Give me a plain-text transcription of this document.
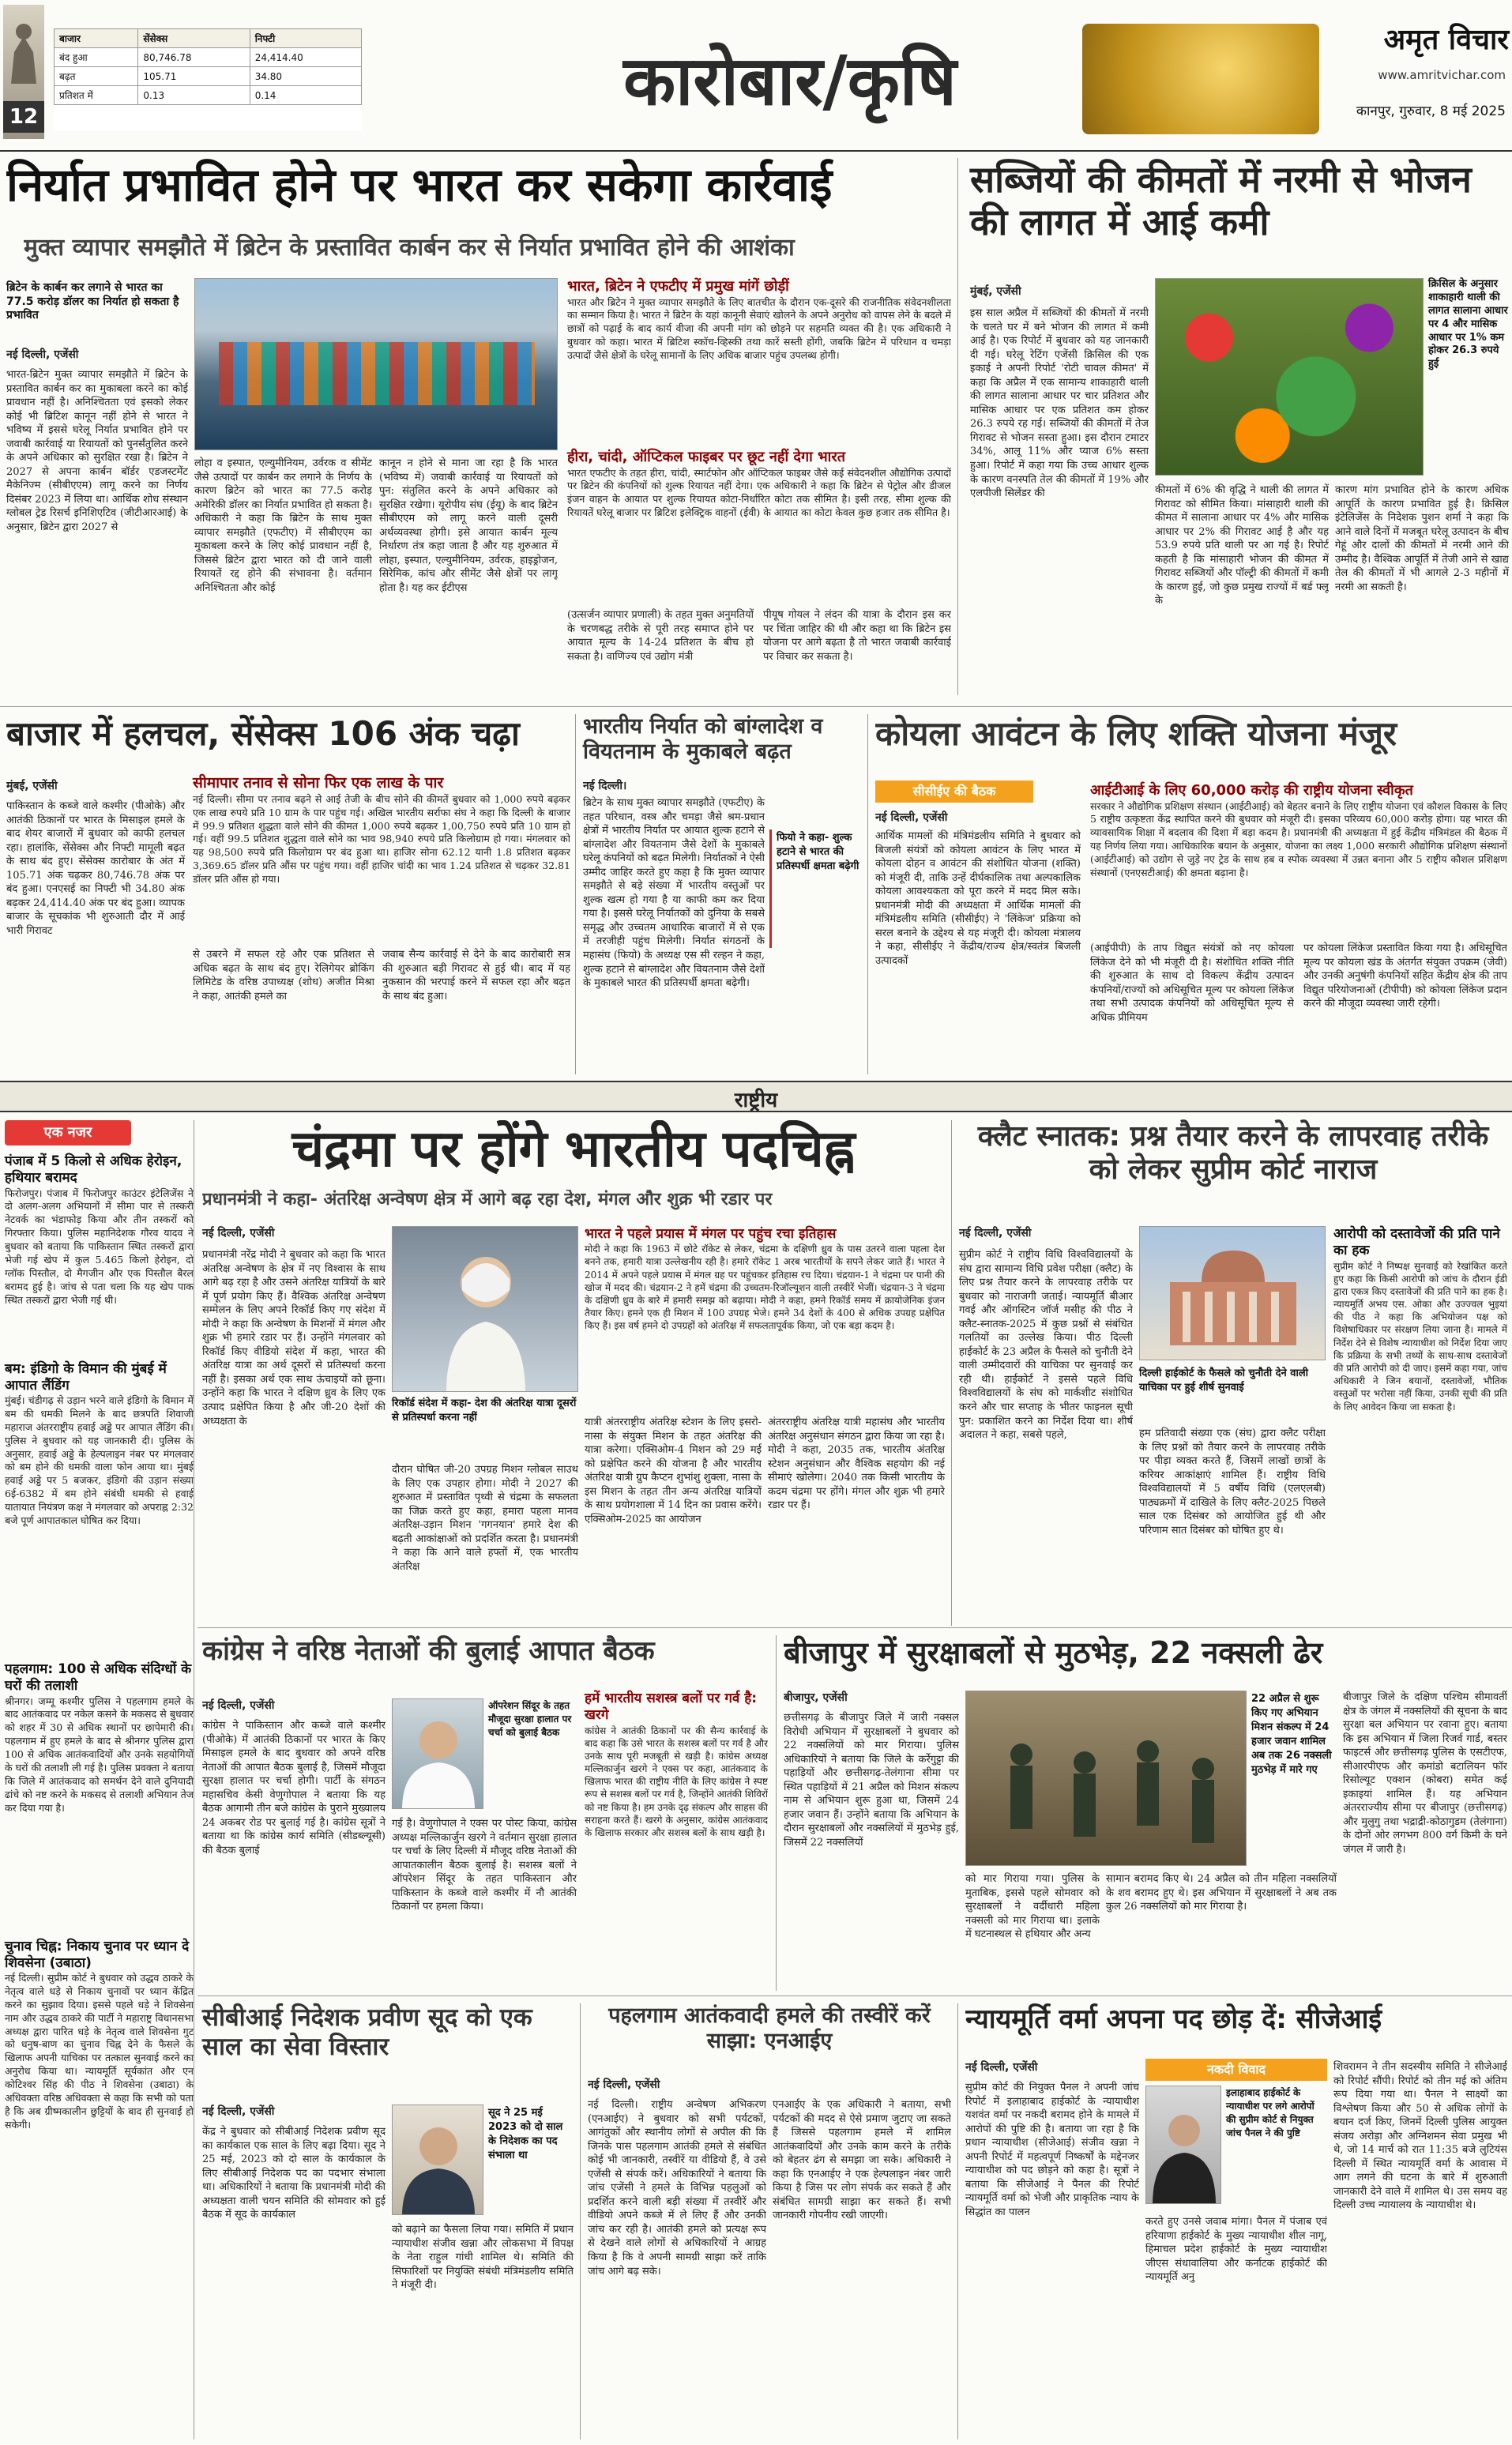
12
बाजार	सेंसेक्स	निफ्टी
बंद हुआ	80,746.78	24,414.40
बढ़त	105.71	34.80
प्रतिशत में	0.13	0.14	कारोबार/कृषि
अमृत विचार
www.amritvichar.com
कानपुर, गुरुवार, 8 मई 2025
निर्यात प्रभावित होने पर भारत कर सकेगा कार्रवाई
मुक्त व्यापार समझौते में ब्रिटेन के प्रस्तावित कार्बन कर से निर्यात प्रभावित होने की आशंका
ब्रिटेन के कार्बन कर लगाने से भारत का 77.5 करोड़ डॉलर का निर्यात हो सकता है प्रभावित
नई दिल्ली, एजेंसी
भारत-ब्रिटेन मुक्त व्यापार समझौते में ब्रिटेन के प्रस्तावित कार्बन कर का मुकाबला करने का कोई प्रावधान नहीं है। अनिश्चितता एवं इसको लेकर कोई भी ब्रिटिश कानून नहीं होने से भारत ने भविष्य में इससे घरेलू निर्यात प्रभावित होने पर जवाबी कार्रवाई या रियायतों को पुनर्संतुलित करने के अपने अधिकार को सुरक्षित रखा है। ब्रिटेन ने 2027 से अपना कार्बन बॉर्डर एडजस्टमेंट मैकेनिज्म (सीबीएएम) लागू करने का निर्णय दिसंबर 2023 में लिया था। आर्थिक शोध संस्थान ग्लोबल ट्रेड रिसर्च इनिशिएटिव (जीटीआरआई) के अनुसार, ब्रिटेन द्वारा 2027 से
लोहा व इस्पात, एल्युमीनियम, उर्वरक व सीमेंट जैसे उत्पादों पर कार्बन कर लगाने के निर्णय के कारण ब्रिटेन को भारत का 77.5 करोड़ अमेरिकी डॉलर का निर्यात प्रभावित हो सकता है। अधिकारी ने कहा कि ब्रिटेन के साथ मुक्त व्यापार समझौते (एफटीए) में सीबीएएम का मुकाबला करने के लिए कोई प्रावधान नहीं है, जिससे ब्रिटेन द्वारा भारत को दी जाने वाली रियायतें रद्द होने की संभावना है। वर्तमान अनिश्चितता और कोई
कानून न होने से माना जा रहा है कि भारत (भविष्य में) जवाबी कार्रवाई या रियायतों को पुन: संतुलित करने के अपने अधिकार को सुरक्षित रखेगा। यूरोपीय संघ (ईयू) के बाद ब्रिटेन सीबीएएम को लागू करने वाली दूसरी अर्थव्यवस्था होगी। इसे आयात कार्बन मूल्य निर्धारण तंत्र कहा जाता है और यह शुरुआत में लोहा, इस्पात, एल्युमीनियम, उर्वरक, हाइड्रोजन, सिरेमिक, कांच और सीमेंट जैसे क्षेत्रों पर लागू होता है। यह कर ईटीएस
भारत, ब्रिटेन ने एफटीए में प्रमुख मांगें छोड़ीं
भारत और ब्रिटेन ने मुक्त व्यापार समझौते के लिए बातचीत के दौरान एक-दूसरे की राजनीतिक संवेदनशीलता का सम्मान किया है। भारत ने ब्रिटेन के यहां कानूनी सेवाएं खोलने के अपने अनुरोध को वापस लेने के बदले में छात्रों को पढ़ाई के बाद कार्य वीजा की अपनी मांग को छोड़ने पर सहमति व्यक्त की है। एक अधिकारी ने बुधवार को कहा। भारत में ब्रिटिश स्कॉच-व्हिस्की तथा कारें सस्ती होंगी, जबकि ब्रिटेन में परिधान व चमड़ा उत्पादों जैसे क्षेत्रों के घरेलू सामानों के लिए अधिक बाजार पहुंच उपलब्ध होगी।
हीरा, चांदी, ऑप्टिकल फाइबर पर छूट नहीं देगा भारत
भारत एफटीए के तहत हीरा, चांदी, स्मार्टफोन और ऑप्टिकल फाइबर जैसे कई संवेदनशील औद्योगिक उत्पादों पर ब्रिटेन की कंपनियों को शुल्क रियायत नहीं देगा। एक अधिकारी ने कहा कि ब्रिटेन से पेट्रोल और डीजल इंजन वाहन के आयात पर शुल्क रियायत कोटा-निर्धारित कोटा तक सीमित है। इसी तरह, सीमा शुल्क की रियायतें घरेलू बाजार पर ब्रिटिश इलेक्ट्रिक वाहनों (ईवी) के आयात का कोटा केवल कुछ हजार तक सीमित है।
(उत्सर्जन व्यापार प्रणाली) के तहत मुक्त अनुमतियों के चरणबद्ध तरीके से पूरी तरह समाप्त होने पर आयात मूल्य के 14-24 प्रतिशत के बीच हो सकता है। वाणिज्य एवं उद्योग मंत्री
पीयूष गोयल ने लंदन की यात्रा के दौरान इस कर पर चिंता जाहिर की थी और कहा था कि ब्रिटेन इस योजना पर आगे बढ़ता है तो भारत जवाबी कार्रवाई पर विचार कर सकता है।
सब्जियों की कीमतों में नरमी से भोजन की लागत में आई कमी
मुंबई, एजेंसी
इस साल अप्रैल में सब्जियों की कीमतों में नरमी के चलते घर में बने भोजन की लागत में कमी आई है। एक रिपोर्ट में बुधवार को यह जानकारी दी गई। घरेलू रेटिंग एजेंसी क्रिसिल की एक इकाई ने अपनी रिपोर्ट 'रोटी चावल कीमत' में कहा कि अप्रैल में एक सामान्य शाकाहारी थाली की लागत सालाना आधार पर चार प्रतिशत और मासिक आधार पर एक प्रतिशत कम होकर 26.3 रुपये रह गई। सब्जियों की कीमतों में तेज गिरावट से भोजन सस्ता हुआ। इस दौरान टमाटर 34%, आलू 11% और प्याज 6% सस्ता हुआ। रिपोर्ट में कहा गया कि उच्च आधार शुल्क के कारण वनस्पति तेल की कीमतों में 19% और एलपीजी सिलेंडर की
क्रिसिल के अनुसार शाकाहारी थाली की लागत सालाना आधार पर 4 और मासिक आधार पर 1% कम होकर 26.3 रुपये हुई
कीमतों में 6% की वृद्धि ने थाली की लागत में गिरावट को सीमित किया। मांसाहारी थाली की कीमत में सालाना आधार पर 4% और मासिक आधार पर 2% की गिरावट आई है और यह 53.9 रुपये प्रति थाली पर आ गई है। रिपोर्ट कहती है कि मांसाहारी भोजन की कीमत में गिरावट सब्जियों और पॉल्ट्री की कीमतों में कमी के कारण हुई, जो कुछ प्रमुख राज्यों में बर्ड फ्लू के
कारण मांग प्रभावित होने के कारण अधिक आपूर्ति के कारण प्रभावित हुई है। क्रिसिल इंटेलिजेंस के निदेशक पुशन शर्मा ने कहा कि आने वाले दिनों में मजबूत घरेलू उत्पादन के बीच गेहूं और दालों की कीमतों में नरमी आने की उम्मीद है। वैश्विक आपूर्ति में तेजी आने से खाद्य तेल की कीमतों में भी आगले 2-3 महीनों में नरमी आ सकती है।
बाजार में हलचल, सेंसेक्स 106 अंक चढ़ा
मुंबई, एजेंसी
पाकिस्तान के कब्जे वाले कश्मीर (पीओके) और आतंकी ठिकानों पर भारत के मिसाइल हमले के बाद शेयर बाजारों में बुधवार को काफी हलचल रहा। हालांकि, सेंसेक्स और निफ्टी मामूली बढ़त के साथ बंद हुए। सेंसेक्स कारोबार के अंत में 105.71 अंक चढ़कर 80,746.78 अंक पर बंद हुआ। एनएसई का निफ्टी भी 34.80 अंक बढ़कर 24,414.40 अंक पर बंद हुआ। व्यापक बाजार के सूचकांक भी शुरुआती दौर में आई भारी गिरावट
सीमापार तनाव से सोना फिर एक लाख के पार
नई दिल्ली। सीमा पर तनाव बढ़ने से आई तेजी के बीच सोने की कीमतें बुधवार को 1,000 रुपये बढ़कर एक लाख रुपये प्रति 10 ग्राम के पार पहुंच गई। अखिल भारतीय सर्राफा संघ ने कहा कि दिल्ली के बाजार में 99.9 प्रतिशत शुद्धता वाले सोने की कीमत 1,000 रुपये बढ़कर 1,00,750 रुपये प्रति 10 ग्राम हो गई। वहीं 99.5 प्रतिशत शुद्धता वाले सोने का भाव 98,940 रुपये प्रति किलोग्राम हो गया। मंगलवार को यह 98,500 रुपये प्रति किलोग्राम पर बंद हुआ था। हाजिर सोना 62.12 यानी 1.8 प्रतिशत बढ़कर 3,369.65 डॉलर प्रति औंस पर पहुंच गया। वहीं हाजिर चांदी का भाव 1.24 प्रतिशत से चढ़कर 32.81 डॉलर प्रति औंस हो गया।
से उबरने में सफल रहे और एक प्रतिशत से अधिक बढ़त के साथ बंद हुए। रेलिगेयर ब्रोकिंग लिमिटेड के वरिष्ठ उपाध्यक्ष (शोध) अजीत मिश्रा ने कहा, आतंकी हमले का
जवाब सैन्य कार्रवाई से देने के बाद कारोबारी सत्र की शुरुआत बड़ी गिरावट से हुई थी। बाद में यह नुकसान की भरपाई करने में सफल रहा और बढ़त के साथ बंद हुआ।
भारतीय निर्यात को बांग्लादेश व वियतनाम के मुकाबले बढ़त
नई दिल्ली।
ब्रिटेन के साथ मुक्त व्यापार समझौते (एफटीए) के तहत परिधान, वस्त्र और चमड़ा जैसे श्रम-प्रधान क्षेत्रों में भारतीय निर्यात पर आयात शुल्क हटाने से बांग्लादेश और वियतनाम जैसे देशों के मुकाबले घरेलू कंपनियों को बढ़त मिलेगी। निर्यातकों ने ऐसी उम्मीद जाहिर करते हुए कहा है कि मुक्त व्यापार समझौते से बड़े संख्या में भारतीय वस्तुओं पर शुल्क खत्म हो गया है या काफी कम कर दिया गया है। इससे घरेलू निर्यातकों को दुनिया के सबसे समृद्ध और उच्चतम आधारिक बाजारों में से एक में तरजीही पहुंच मिलेगी। निर्यात संगठनों के महासंघ (फियो) के अध्यक्ष एस सी रल्हन ने कहा, शुल्क हटाने से बांग्लादेश और वियतनाम जैसे देशों के मुकाबले भारत की प्रतिस्पर्धी क्षमता बढ़ेगी।
फियो ने कहा- शुल्क हटाने से भारत की प्रतिस्पर्धी क्षमता बढ़ेगी
कोयला आवंटन के लिए शक्ति योजना मंजूर
सीसीईए की बैठक
नई दिल्ली, एजेंसी
आर्थिक मामलों की मंत्रिमंडलीय समिति ने बुधवार को बिजली संयंत्रों को कोयला आवंटन के लिए भारत में कोयला दोहन व आवंटन की संशोधित योजना (शक्ति) को मंजूरी दी, ताकि उन्हें दीर्घकालिक तथा अल्पकालिक कोयला आवश्यकता को पूरा करने में मदद मिल सके। प्रधानमंत्री मोदी की अध्यक्षता में आर्थिक मामलों की मंत्रिमंडलीय समिति (सीसीईए) ने 'लिंकेज' प्रक्रिया को सरल बनाने के उद्देश्य से यह मंजूरी दी। कोयला मंत्रालय ने कहा, सीसीईए ने केंद्रीय/राज्य क्षेत्र/स्वतंत्र बिजली उत्पादकों
आईटीआई के लिए 60,000 करोड़ की राष्ट्रीय योजना स्वीकृत
सरकार ने औद्योगिक प्रशिक्षण संस्थान (आईटीआई) को बेहतर बनाने के लिए राष्ट्रीय योजना एवं कौशल विकास के लिए 5 राष्ट्रीय उत्कृष्टता केंद्र स्थापित करने की बुधवार को मंजूरी दी। इसका परिव्यय 60,000 करोड़ होगा। यह भारत की व्यावसायिक शिक्षा में बदलाव की दिशा में बड़ा कदम है। प्रधानमंत्री की अध्यक्षता में हुई केंद्रीय मंत्रिमंडल की बैठक में यह निर्णय लिया गया। आधिकारिक बयान के अनुसार, योजना का लक्ष्य 1,000 सरकारी औद्योगिक प्रशिक्षण संस्थानों (आईटीआई) को उद्योग से जुड़े नए ट्रेड के साथ हब व स्पोक व्यवस्था में उन्नत बनाना और 5 राष्ट्रीय कौशल प्रशिक्षण संस्थानों (एनएसटीआई) की क्षमता बढ़ाना है।
(आईपीपी) के ताप विद्युत संयंत्रों को नए कोयला लिंकेज देने को भी मंजूरी दी है। संशोधित शक्ति नीति की शुरुआत के साथ दो विकल्प केंद्रीय उत्पादन कंपनियों/राज्यों को अधिसूचित मूल्य पर कोयला लिंकेज तथा सभी उत्पादक कंपनियों को अधिसूचित मूल्य से अधिक प्रीमियम
पर कोयला लिंकेज प्रस्तावित किया गया है। अधिसूचित मूल्य पर कोयला खंड के अंतर्गत संयुक्त उपक्रम (जेवी) और उनकी अनुषंगी कंपनियों सहित केंद्रीय क्षेत्र की ताप विद्युत परियोजनाओं (टीपीपी) को कोयला लिंकेज प्रदान करने की मौजूदा व्यवस्था जारी रहेगी।
राष्ट्रीय
एक नजर
पंजाब में 5 किलो से अधिक हेरोइन, हथियार बरामद
फिरोजपुर। पंजाब में फिरोजपुर काउंटर इंटेलिजेंस ने दो अलग-अलग अभियानों में सीमा पार से तस्करी नेटवर्क का भंडाफोड़ किया और तीन तस्करों को गिरफ्तार किया। पुलिस महानिदेशक गौरव यादव ने बुधवार को बताया कि पाकिस्तान स्थित तस्करों द्वारा भेजी गई खेप में कुल 5.465 किलो हेरोइन, दो ग्लॉक पिस्तौल, दो मैगजीन और एक पिस्तौल बैरल बरामद हुई है। जांच से पता चला कि यह खेप पाक स्थित तस्करों द्वारा भेजी गई थी।
बम: इंडिगो के विमान की मुंबई में आपात लैंडिंग
मुंबई। चंडीगढ़ से उड़ान भरने वाले इंडिगो के विमान में बम की धमकी मिलने के बाद छत्रपति शिवाजी महाराज अंतरराष्ट्रीय हवाई अड्डे पर आपात लैंडिंग की। पुलिस ने बुधवार को यह जानकारी दी। पुलिस के अनुसार, हवाई अड्डे के हेल्पलाइन नंबर पर मंगलवार को बम होने की धमकी वाला फोन आया था। मुंबई हवाई अड्डे पर 5 बजकर, इंडिगो की उड़ान संख्या 6ई-6382 में बम होने संबंधी धमकी से हवाई यातायात नियंत्रण कक्ष ने मंगलवार को अपराह्न 2:32 बजे पूर्ण आपातकाल घोषित कर दिया।
पहलगाम: 100 से अधिक संदिग्धों के घरों की तलाशी
श्रीनगर। जम्मू कश्मीर पुलिस ने पहलगाम हमले के बाद आतंकवाद पर नकेल कसने के मकसद से बुधवार को शहर में 30 से अधिक स्थानों पर छापेमारी की। पहलगाम में हुए हमले के बाद से श्रीनगर पुलिस द्वारा 100 से अधिक आतंकवादियों और उनके सहयोगियों के घरों की तलाशी ली गई है। पुलिस प्रवक्ता ने बताया कि जिले में आतंकवाद को समर्थन देने वाले दुनियादी ढांचे को नष्ट करने के मकसद से तलाशी अभियान तेज कर दिया गया है।
चुनाव चिह्न: निकाय चुनाव पर ध्यान दे शिवसेना (उबाठा)
नई दिल्ली। सुप्रीम कोर्ट ने बुधवार को उद्धव ठाकरे के नेतृत्व वाले धड़े से निकाय चुनावों पर ध्यान केंद्रित करने का सुझाव दिया। इससे पहले धड़े ने शिवसेना नाम और उद्धव ठाकरे की पार्टी ने महाराष्ट्र विधानसभा अध्यक्ष द्वारा पारित धड़े के नेतृत्व वाले शिवसेना गुट को धनुष-बाण का चुनाव चिह्न देने के फैसले के खिलाफ अपनी याचिका पर तत्काल सुनवाई करने का अनुरोध किया था। न्यायमूर्ति सूर्यकांत और एन कोटिश्वर सिंह की पीठ ने शिवसेना (उबाठा) के अधिवक्ता वरिष्ठ अधिवक्ता से कहा कि सभी को पता है कि अब ग्रीष्मकालीन छुट्टियों के बाद ही सुनवाई हो सकेगी।
चंद्रमा पर होंगे भारतीय पदचिह्न
प्रधानमंत्री ने कहा- अंतरिक्ष अन्वेषण क्षेत्र में आगे बढ़ रहा देश, मंगल और शुक्र भी रडार पर
नई दिल्ली, एजेंसी
प्रधानमंत्री नरेंद्र मोदी ने बुधवार को कहा कि भारत अंतरिक्ष अन्वेषण के क्षेत्र में नए विश्वास के साथ आगे बढ़ रहा है और उसने अंतरिक्ष यात्रियों के बारे में पूर्ण प्रयोग किए हैं। वैश्विक अंतरिक्ष अन्वेषण सम्मेलन के लिए अपने रिकॉर्ड किए गए संदेश में मोदी ने कहा कि अन्वेषण के मिशनों में मंगल और शुक्र भी हमारे रडार पर हैं। उन्होंने मंगलवार को रिकॉर्ड किए वीडियो संदेश में कहा, भारत की अंतरिक्ष यात्रा का अर्थ दूसरों से प्रतिस्पर्धा करना नहीं है। इसका अर्थ एक साथ ऊंचाइयों को छूना। उन्होंने कहा कि भारत ने दक्षिण ध्रुव के लिए एक उत्पाद प्रक्षेपित किया है और जी-20 देशों की अध्यक्षता के
रिकॉर्ड संदेश में कहा- देश की अंतरिक्ष यात्रा दूसरों से प्रतिस्पर्धा करना नहीं
दौरान घोषित जी-20 उपग्रह मिशन ग्लोबल साउथ के लिए एक उपहार होगा। मोदी ने 2027 की शुरुआत में प्रस्तावित पृथ्वी से चंद्रमा के सफलता का जिक्र करते हुए कहा, हमारा पहला मानव अंतरिक्ष-उड़ान मिशन 'गगनयान' हमारे देश की बढ़ती आकांक्षाओं को प्रदर्शित करता है। प्रधानमंत्री ने कहा कि आने वाले हफ्तों में, एक भारतीय अंतरिक्ष
भारत ने पहले प्रयास में मंगल पर पहुंच रचा इतिहास
मोदी ने कहा कि 1963 में छोटे रॉकेट से लेकर, चंद्रमा के दक्षिणी ध्रुव के पास उतरने वाला पहला देश बनने तक, हमारी यात्रा उल्लेखनीय रही है। हमारे रॉकेट 1 अरब भारतीयों के सपने लेकर जाते हैं। भारत ने 2014 में अपने पहले प्रयास में मंगल ग्रह पर पहुंचकर इतिहास रच दिया। चंद्रयान-1 ने चंद्रमा पर पानी की खोज में मदद की। चंद्रयान-2 ने हमें चंद्रमा की उच्चतम-रिजॉल्यूशन वाली तस्वीरें भेजीं। चंद्रयान-3 ने चंद्रमा के दक्षिणी ध्रुव के बारे में हमारी समझ को बढ़ाया। मोदी ने कहा, हमने रिकॉर्ड समय में क्रायोजेनिक इंजन तैयार किए। हमने एक ही मिशन में 100 उपग्रह भेजे। हमने 34 देशों के 400 से अधिक उपग्रह प्रक्षेपित किए हैं। इस वर्ष हमने दो उपग्रहों को अंतरिक्ष में सफलतापूर्वक किया, जो एक बड़ा कदम है।
यात्री अंतरराष्ट्रीय अंतरिक्ष स्टेशन के लिए इसरो-नासा के संयुक्त मिशन के तहत अंतरिक्ष की यात्रा करेगा। एक्सिओम-4 मिशन को 29 मई को प्रक्षेपित करने की योजना है और भारतीय अंतरिक्ष यात्री ग्रुप कैप्टन शुभांशु शुक्ला, नासा के इस मिशन के तहत तीन अन्य अंतरिक्ष यात्रियों के साथ प्रयोगशाला में 14 दिन का प्रवास करेंगे। एक्सिओम-2025 का आयोजन
अंतरराष्ट्रीय अंतरिक्ष यात्री महासंघ और भारतीय अंतरिक्ष अनुसंधान संगठन द्वारा किया जा रहा है। मोदी ने कहा, 2035 तक, भारतीय अंतरिक्ष स्टेशन अनुसंधान और वैश्विक सहयोग की नई सीमाएं खोलेगा। 2040 तक किसी भारतीय के कदम चंद्रमा पर होंगे। मंगल और शुक्र भी हमारे रडार पर हैं।
क्लैट स्नातक: प्रश्न तैयार करने के लापरवाह तरीके को लेकर सुप्रीम कोर्ट नाराज
नई दिल्ली, एजेंसी
सुप्रीम कोर्ट ने राष्ट्रीय विधि विश्वविद्यालयों के संघ द्वारा सामान्य विधि प्रवेश परीक्षा (क्लैट) के लिए प्रश्न तैयार करने के लापरवाह तरीके पर बुधवार को नाराजगी जताई। न्यायमूर्ति बीआर गवई और ऑगस्टिन जॉर्ज मसीह की पीठ ने क्लैट-स्नातक-2025 में कुछ प्रश्नों से संबंधित गलतियों का उल्लेख किया। पीठ दिल्ली हाईकोर्ट के 23 अप्रैल के फैसले को चुनौती देने वाली उम्मीदवारों की याचिका पर सुनवाई कर रही थी। हाईकोर्ट ने इससे पहले विधि विश्वविद्यालयों के संघ को मार्कशीट संशोधित करने और चार सप्ताह के भीतर फाइनल सूची पुन: प्रकाशित करने का निर्देश दिया था। शीर्ष अदालत ने कहा, सबसे पहले,
दिल्ली हाईकोर्ट के फैसले को चुनौती देने वाली याचिका पर हुई शीर्ष सुनवाई
हम प्रतिवादी संख्या एक (संघ) द्वारा क्लैट परीक्षा के लिए प्रश्नों को तैयार करने के लापरवाह तरीके पर पीड़ा व्यक्त करते हैं, जिसमें लाखों छात्रों के करियर आकांक्षाएं शामिल हैं। राष्ट्रीय विधि विश्वविद्यालयों में 5 वर्षीय विधि (एलएलबी) पाठ्यक्रमों में दाखिले के लिए क्लैट-2025 पिछले साल एक दिसंबर को आयोजित हुई थी और परिणाम सात दिसंबर को घोषित हुए थे।
आरोपी को दस्तावेजों की प्रति पाने का हक
सुप्रीम कोर्ट ने निष्पक्ष सुनवाई को रेखांकित करते हुए कहा कि किसी आरोपी को जांच के दौरान ईडी द्वारा एकत्र किए दस्तावेजों की प्रति पाने का हक है। न्यायमूर्ति अभय एस. ओका और उज्ज्वल भुइयां की पीठ ने कहा कि अभियोजन पक्ष को विशेषाधिकार पर संरक्षण लिया जाना है। मामले में निर्देश देने से विशेष न्यायाधीश को निर्देश दिया जाए कि प्रक्रिया के सभी तथ्यों के साथ-साथ दस्तावेजों की प्रति आरोपी को दी जाए। इसमें कहा गया, जांच अधिकारी ने जिन बयानों, दस्तावेजों, भौतिक वस्तुओं पर भरोसा नहीं किया, उनकी सूची की प्रति के लिए आवेदन किया जा सकता है।
कांग्रेस ने वरिष्ठ नेताओं की बुलाई आपात बैठक
नई दिल्ली, एजेंसी
कांग्रेस ने पाकिस्तान और कब्जे वाले कश्मीर (पीओके) में आतंकी ठिकानों पर भारत के किए मिसाइल हमले के बाद बुधवार को अपने वरिष्ठ नेताओं की आपात बैठक बुलाई है, जिसमें मौजूदा सुरक्षा हालात पर चर्चा होगी। पार्टी के संगठन महासचिव केसी वेणुगोपाल ने बताया कि यह बैठक आगामी तीन बजे कांग्रेस के पुराने मुख्यालय 24 अकबर रोड पर बुलाई गई है। कांग्रेस सूत्रों ने बताया था कि कांग्रेस कार्य समिति (सीडब्ल्यूसी) की बैठक बुलाई
ऑपरेशन सिंदूर के तहत मौजूदा सुरक्षा हालात पर चर्चा को बुलाई बैठक
गई है। वेणुगोपाल ने एक्स पर पोस्ट किया, कांग्रेस अध्यक्ष मल्लिकार्जुन खरगे ने वर्तमान सुरक्षा हालात पर चर्चा के लिए दिल्ली में मौजूद वरिष्ठ नेताओं की आपातकालीन बैठक बुलाई है। सशस्त्र बलों ने ऑपरेशन सिंदूर के तहत पाकिस्तान और पाकिस्तान के कब्जे वाले कश्मीर में नौ आतंकी ठिकानों पर हमला किया।
हमें भारतीय सशस्त्र बलों पर गर्व है: खरगे
कांग्रेस ने आतंकी ठिकानों पर की सैन्य कार्रवाई के बाद कहा कि उसे भारत के सशस्त्र बलों पर गर्व है और उनके साथ पूरी मजबूती से खड़ी है। कांग्रेस अध्यक्ष मल्लिकार्जुन खरगे ने एक्स पर कहा, आतंकवाद के खिलाफ भारत की राष्ट्रीय नीति के लिए कांग्रेस ने स्पष्ट रूप से सशस्त्र बलों पर गर्व है, जिन्होंने आतंकी शिविरों को नष्ट किया है। हम उनके दृढ़ संकल्प और साहस की सराहना करते हैं। खरगे के अनुसार, कांग्रेस आतंकवाद के खिलाफ सरकार और सशस्त्र बलों के साथ खड़ी है।
बीजापुर में सुरक्षाबलों से मुठभेड़, 22 नक्सली ढेर
बीजापुर, एजेंसी
छत्तीसगढ़ के बीजापुर जिले में जारी नक्सल विरोधी अभियान में सुरक्षाबलों ने बुधवार को 22 नक्सलियों को मार गिराया। पुलिस अधिकारियों ने बताया कि जिले के कर्रेगुट्टा की पहाड़ियों और छत्तीसगढ़-तेलंगाना सीमा पर स्थित पहाड़ियों में 21 अप्रैल को मिशन संकल्प नाम से अभियान शुरू हुआ था, जिसमें 24 हजार जवान हैं। उन्होंने बताया कि अभियान के दौरान सुरक्षाबलों और नक्सलियों में मुठभेड़ हुई, जिसमें 22 नक्सलियों
22 अप्रैल से शुरू किए गए अभियान मिशन संकल्प में 24 हजार जवान शामिल अब तक 26 नक्सली मुठभेड़ में मारे गए
को मार गिराया गया। पुलिस के मुताबिक, इससे पहले सोमवार को सुरक्षाबलों ने वर्दीधारी महिला नक्सली को मार गिराया था। इलाके में घटनास्थल से हथियार और अन्य
सामान बरामद किए थे। 24 अप्रैल को तीन महिला नक्सलियों के शव बरामद हुए थे। इस अभियान में सुरक्षाबलों ने अब तक कुल 26 नक्सलियों को मार गिराया है।
बीजापुर जिले के दक्षिण पश्चिम सीमावर्ती क्षेत्र के जंगल में नक्सलियों की सूचना के बाद सुरक्षा बल अभियान पर रवाना हुए। बताया कि इस अभियान में जिला रिजर्व गार्ड, बस्तर फाइटर्स और छत्तीसगढ़ पुलिस के एसटीएफ, सीआरपीएफ और कमांडो बटालियन फॉर रिसोल्यूट एक्शन (कोबरा) समेत कई इकाइयां शामिल हैं। यह अभियान अंतरराज्यीय सीमा पर बीजापुर (छत्तीसगढ़) और मुलुगु तथा भद्राद्री-कोठागुडम (तेलंगाना) के दोनों ओर लगभग 800 वर्ग किमी के घने जंगल में जारी है।
सीबीआई निदेशक प्रवीण सूद को एक साल का सेवा विस्तार
नई दिल्ली, एजेंसी
केंद्र ने बुधवार को सीबीआई निदेशक प्रवीण सूद का कार्यकाल एक साल के लिए बढ़ा दिया। सूद ने 25 मई, 2023 को दो साल के कार्यकाल के लिए सीबीआई निदेशक पद का पदभार संभाला था। अधिकारियों ने बताया कि प्रधानमंत्री मोदी की अध्यक्षता वाली चयन समिति की सोमवार को हुई बैठक में सूद के कार्यकाल
सूद ने 25 मई 2023 को दो साल के निदेशक का पद संभाला था
को बढ़ाने का फैसला लिया गया। समिति में प्रधान न्यायाधीश संजीव खन्ना और लोकसभा में विपक्ष के नेता राहुल गांधी शामिल थे। समिति की सिफारिशों पर नियुक्ति संबंधी मंत्रिमंडलीय समिति ने मंजूरी दी।
पहलगाम आतंकवादी हमले की तस्वीरें करें साझा: एनआईए
नई दिल्ली, एजेंसी
नई दिल्ली। राष्ट्रीय अन्वेषण अभिकरण (एनआईए) ने बुधवार को सभी पर्यटकों, आगंतुकों और स्थानीय लोगों से अपील की कि जिनके पास पहलगाम आतंकी हमले से संबंधित कोई भी जानकारी, तस्वीरें या वीडियो हैं, वे उसे एजेंसी से संपर्क करें। अधिकारियों ने बताया कि जांच एजेंसी ने हमले के विभिन्न पहलुओं को प्रदर्शित करने वाली बड़ी संख्या में तस्वीरें और वीडियो अपने कब्जे में ले लिए हैं और उनकी जांच कर रही है। आतंकी हमले को प्रत्यक्ष रूप से देखने वाले लोगों से अधिकारियों ने आग्रह किया है कि वे अपनी सामग्री साझा करें ताकि जांच आगे बढ़ सके।
एनआईए के एक अधिकारी ने बताया, सभी पर्यटकों की मदद से ऐसे प्रमाण जुटाए जा सकते हैं जिससे पहलगाम हमले में शामिल आतंकवादियों और उनके काम करने के तरीके को बेहतर ढंग से समझा जा सके। अधिकारी ने कहा कि एनआईए ने एक हेल्पलाइन नंबर जारी किया है जिस पर लोग संपर्क कर सकते हैं और संबंधित सामग्री साझा कर सकते हैं। सभी जानकारी गोपनीय रखी जाएगी।
न्यायमूर्ति वर्मा अपना पद छोड़ दें: सीजेआई
नई दिल्ली, एजेंसी
सुप्रीम कोर्ट की नियुक्त पैनल ने अपनी जांच रिपोर्ट में इलाहाबाद हाईकोर्ट के न्यायाधीश यशवंत वर्मा पर नकदी बरामद होने के मामले में आरोपों की पुष्टि की है। बताया जा रहा है कि प्रधान न्यायाधीश (सीजेआई) संजीव खन्ना ने अपनी रिपोर्ट में महत्वपूर्ण निष्कर्षों के मद्देनजर न्यायाधीश को पद छोड़ने को कहा है। सूत्रों ने बताया कि सीजेआई ने पैनल की रिपोर्ट न्यायमूर्ति वर्मा को भेजी और प्राकृतिक न्याय के सिद्धांत का पालन
नकदी विवाद
इलाहाबाद हाईकोर्ट के न्यायाधीश पर लगे आरोपों की सुप्रीम कोर्ट से नियुक्त जांच पैनल ने की पुष्टि
करते हुए उनसे जवाब मांगा। पैनल में पंजाब एवं हरियाणा हाईकोर्ट के मुख्य न्यायाधीश शील नागू, हिमाचल प्रदेश हाईकोर्ट के मुख्य न्यायाधीश जीएस संधावालिया और कर्नाटक हाईकोर्ट की न्यायमूर्ति अनु
शिवरामन ने तीन सदस्यीय समिति ने सीजेआई को रिपोर्ट सौंपी। रिपोर्ट को तीन मई को अंतिम रूप दिया गया था। पैनल ने साक्ष्यों का विश्लेषण किया और 50 से अधिक लोगों के बयान दर्ज किए, जिनमें दिल्ली पुलिस आयुक्त संजय अरोड़ा और अग्निशमन सेवा प्रमुख भी थे, जो 14 मार्च को रात 11:35 बजे लुटियंस दिल्ली में स्थित न्यायमूर्ति वर्मा के आवास में आग लगने की घटना के बारे में शुरुआती जानकारी देने वाले में शामिल थे। उस समय वह दिल्ली उच्च न्यायालय के न्यायाधीश थे।
